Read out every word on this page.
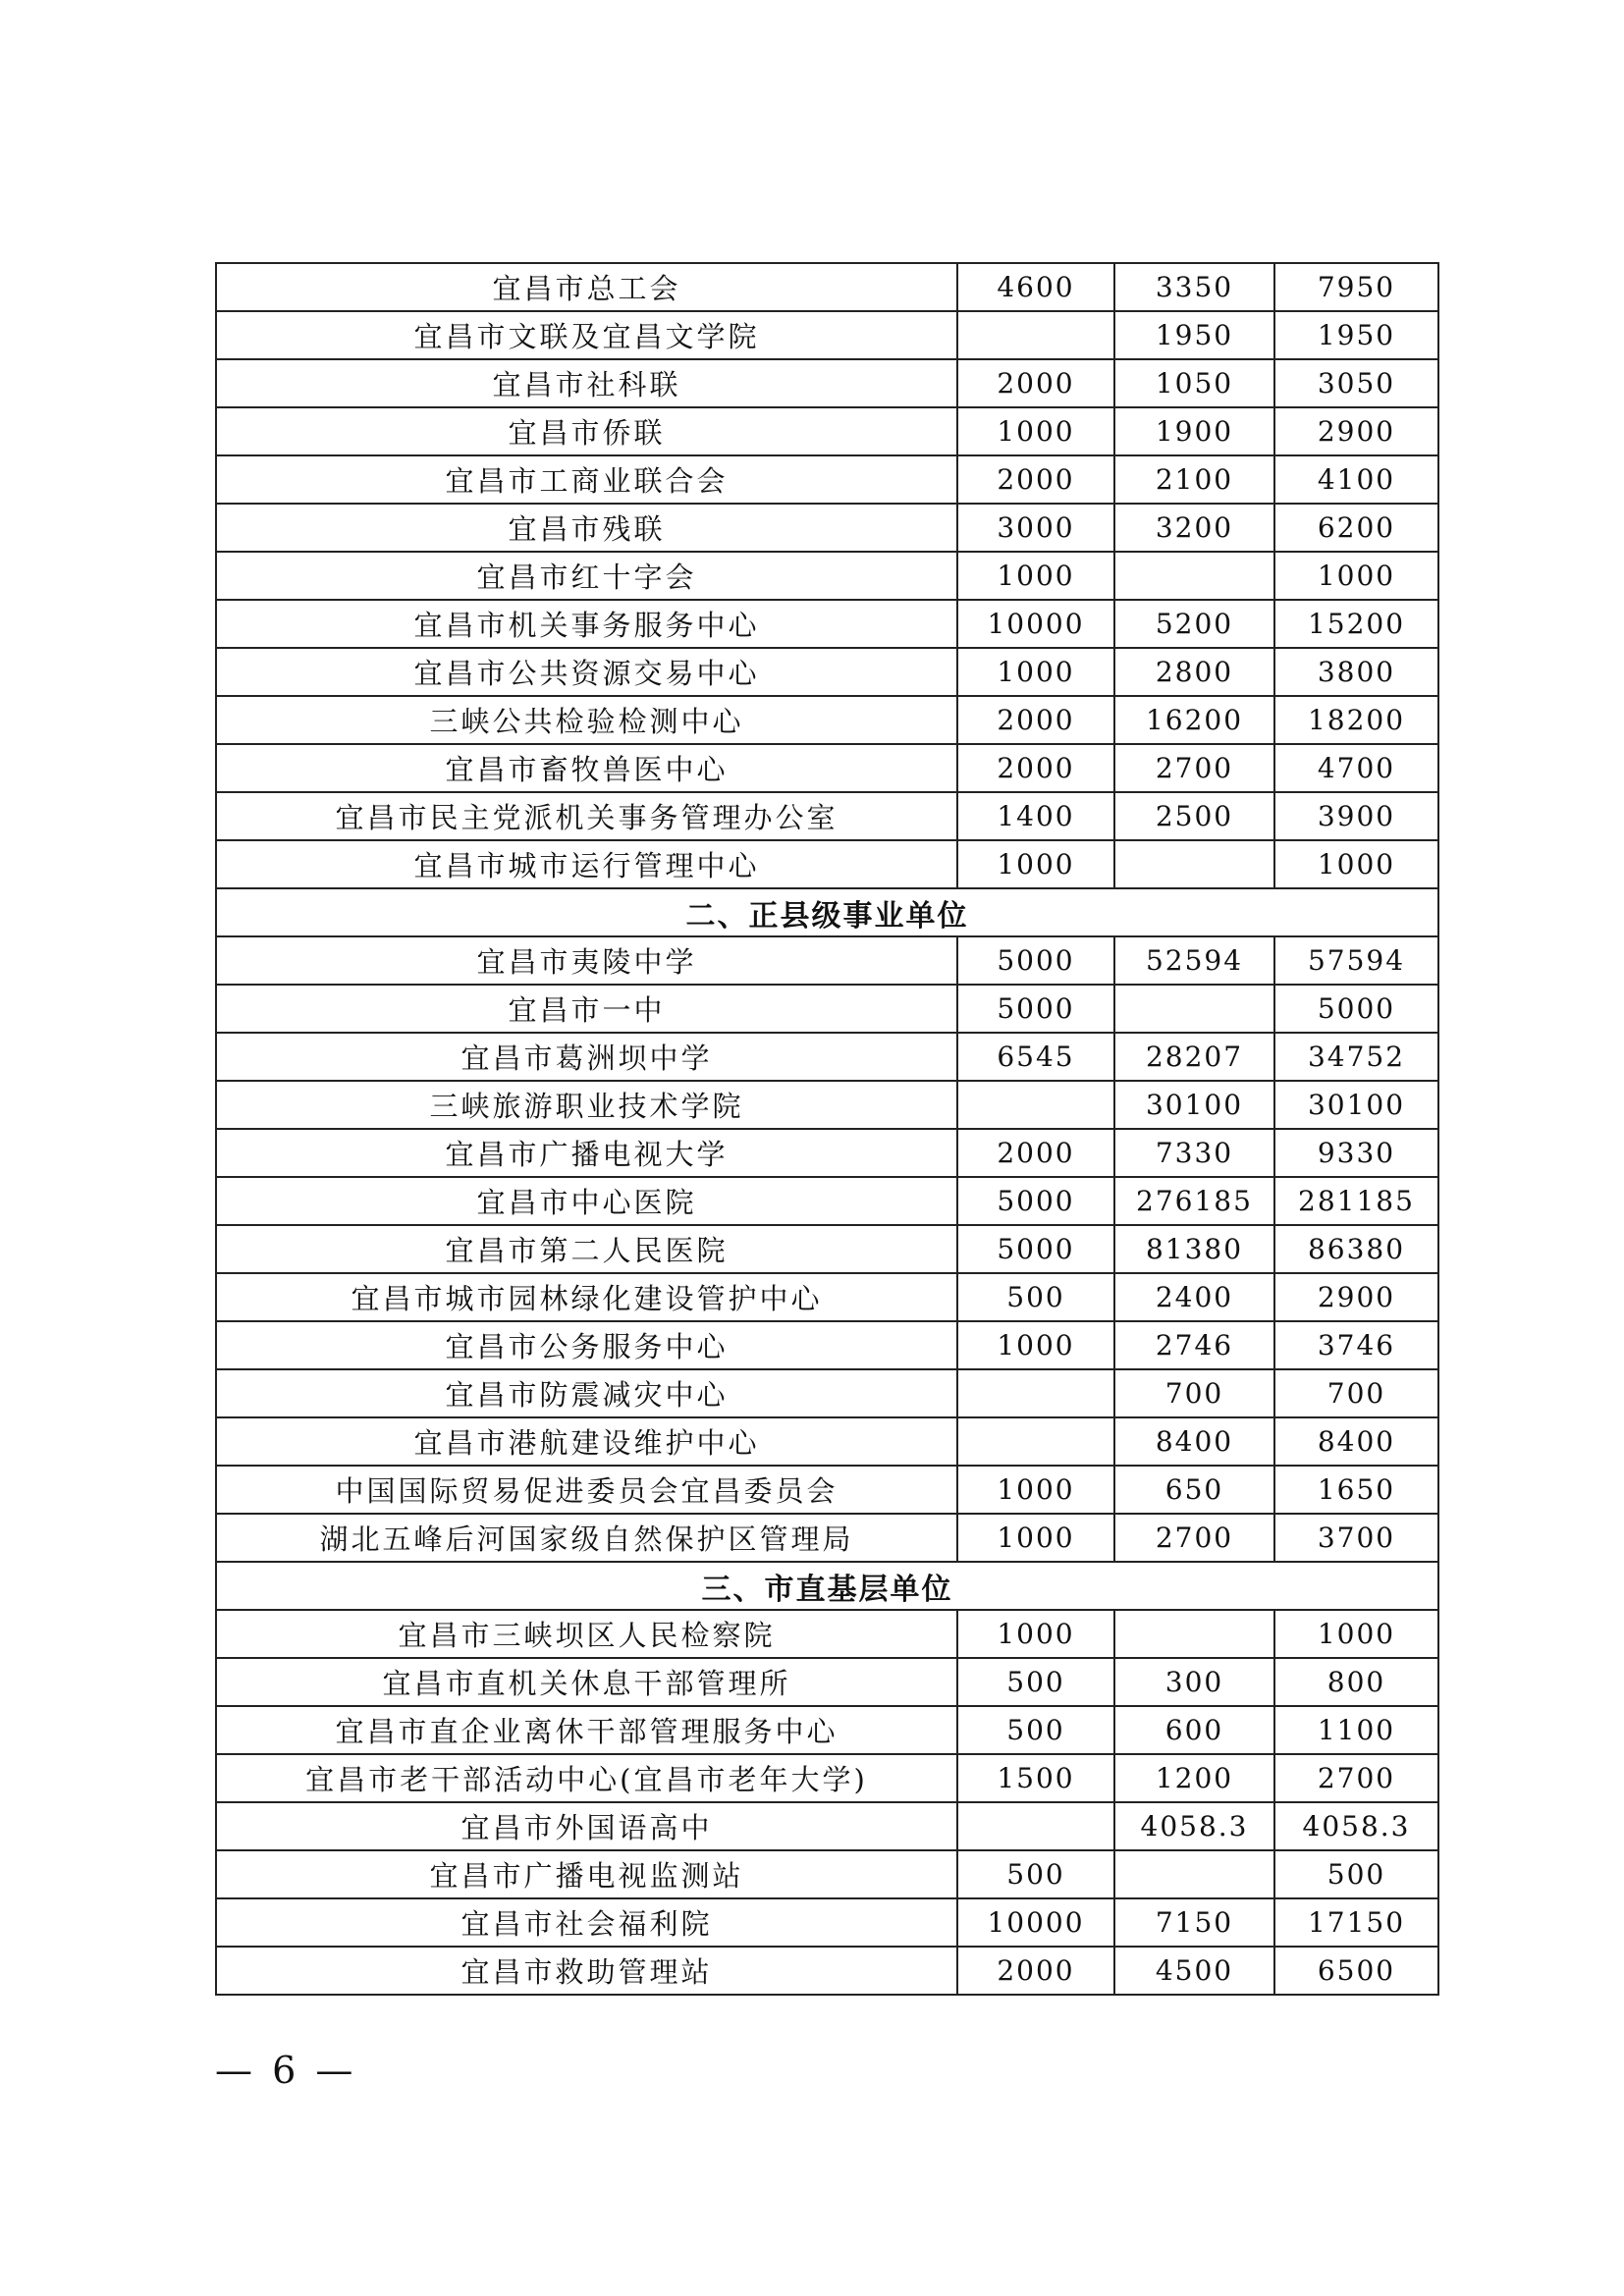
宜昌市总工会	4600	3350	7950
宜昌市文联及宜昌文学院		1950	1950
宜昌市社科联	2000	1050	3050
宜昌市侨联	1000	1900	2900
宜昌市工商业联合会	2000	2100	4100
宜昌市残联	3000	3200	6200
宜昌市红十字会	1000		1000
宜昌市机关事务服务中心	10000	5200	15200
宜昌市公共资源交易中心	1000	2800	3800
三峡公共检验检测中心	2000	16200	18200
宜昌市畜牧兽医中心	2000	2700	4700
宜昌市民主党派机关事务管理办公室	1400	2500	3900
宜昌市城市运行管理中心	1000		1000
二、正县级事业单位			
宜昌市夷陵中学	5000	52594	57594
宜昌市一中	5000		5000
宜昌市葛洲坝中学	6545	28207	34752
三峡旅游职业技术学院		30100	30100
宜昌市广播电视大学	2000	7330	9330
宜昌市中心医院	5000	276185	281185
宜昌市第二人民医院	5000	81380	86380
宜昌市城市园林绿化建设管护中心	500	2400	2900
宜昌市公务服务中心	1000	2746	3746
宜昌市防震减灾中心		700	700
宜昌市港航建设维护中心		8400	8400
中国国际贸易促进委员会宜昌委员会	1000	650	1650
湖北五峰后河国家级自然保护区管理局	1000	2700	3700
三、市直基层单位			
宜昌市三峡坝区人民检察院	1000		1000
宜昌市直机关休息干部管理所	500	300	800
宜昌市直企业离休干部管理服务中心	500	600	1100
宜昌市老干部活动中心(宜昌市老年大学)	1500	1200	2700
宜昌市外国语高中		4058.3	4058.3
宜昌市广播电视监测站	500		500
宜昌市社会福利院	10000	7150	17150
宜昌市救助管理站	2000	4500	6500
— 6 —
